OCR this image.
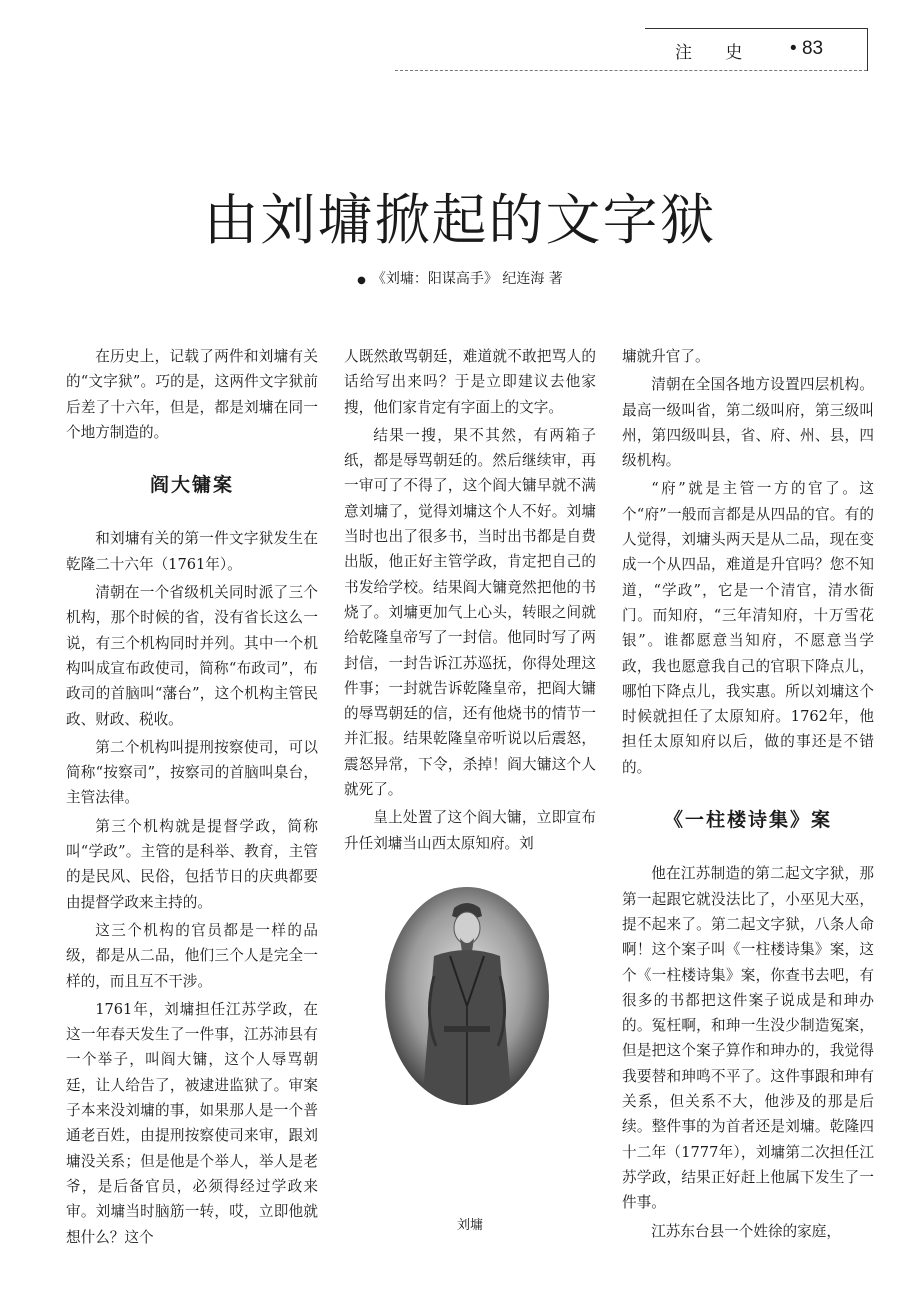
注 史 • 83
由刘墉掀起的文字狱
● 《刘墉：阳谋高手》 纪连海 著

在历史上，记载了两件和刘墉有关的“文字狱”。巧的是，这两件文字狱前后差了十六年，但是，都是刘墉在同一个地方制造的。

阎大镛案

和刘墉有关的第一件文字狱发生在乾隆二十六年（1761年）。

清朝在一个省级机关同时派了三个机构，那个时候的省，没有省长这么一说，有三个机构同时并列。其中一个机构叫成宣布政使司，简称“布政司”，布政司的首脑叫“藩台”，这个机构主管民政、财政、税收。

第二个机构叫提刑按察使司，可以简称“按察司”，按察司的首脑叫臬台，主管法律。

第三个机构就是提督学政，简称叫“学政”。主管的是科举、教育，主管的是民风、民俗，包括节日的庆典都要由提督学政来主持的。

这三个机构的官员都是一样的品级，都是从二品，他们三个人是完全一样的，而且互不干涉。

1761年，刘墉担任江苏学政，在这一年春天发生了一件事，江苏沛县有一个举子，叫阎大镛，这个人辱骂朝廷，让人给告了，被逮进监狱了。审案子本来没刘墉的事，如果那人是一个普通老百姓，由提刑按察使司来审，跟刘墉没关系；但是他是个举人，举人是老爷，是后备官员，必须得经过学政来审。刘墉当时脑筋一转，哎，立即他就想什么？这个

人既然敢骂朝廷，难道就不敢把骂人的话给写出来吗？于是立即建议去他家搜，他们家肯定有字面上的文字。

结果一搜，果不其然，有两箱子纸，都是辱骂朝廷的。然后继续审，再一审可了不得了，这个阎大镛早就不满意刘墉了，觉得刘墉这个人不好。刘墉当时也出了很多书，当时出书都是自费出版，他正好主管学政，肯定把自己的书发给学校。结果阎大镛竟然把他的书烧了。刘墉更加气上心头，转眼之间就给乾隆皇帝写了一封信。他同时写了两封信，一封告诉江苏巡抚，你得处理这件事；一封就告诉乾隆皇帝，把阎大镛的辱骂朝廷的信，还有他烧书的情节一并汇报。结果乾隆皇帝听说以后震怒，震怒异常，下令，杀掉！阎大镛这个人就死了。

皇上处置了这个阎大镛，立即宣布升任刘墉当山西太原知府。刘

墉就升官了。

清朝在全国各地方设置四层机构。最高一级叫省，第二级叫府，第三级叫州，第四级叫县，省、府、州、县，四级机构。

“府”就是主管一方的官了。这个“府”一般而言都是从四品的官。有的人觉得，刘墉头两天是从二品，现在变成一个从四品，难道是升官吗？您不知道，“学政”，它是一个清官，清水衙门。而知府，“三年清知府，十万雪花银”。谁都愿意当知府，不愿意当学政，我也愿意我自己的官职下降点儿，哪怕下降点儿，我实惠。所以刘墉这个时候就担任了太原知府。1762年，他担任太原知府以后，做的事还是不错的。

《一柱楼诗集》案

他在江苏制造的第二起文字狱，那第一起跟它就没法比了，小巫见大巫，提不起来了。第二起文字狱，八条人命啊！这个案子叫《一柱楼诗集》案，这个《一柱楼诗集》案，你查书去吧，有很多的书都把这件案子说成是和珅办的。冤枉啊，和珅一生没少制造冤案，但是把这个案子算作和珅办的，我觉得我要替和珅鸣不平了。这件事跟和珅有关系，但关系不大，他涉及的那是后续。整件事的为首者还是刘墉。乾隆四十二年（1777年），刘墉第二次担任江苏学政，结果正好赶上他属下发生了一件事。

江苏东台县一个姓徐的家庭，

刘墉
